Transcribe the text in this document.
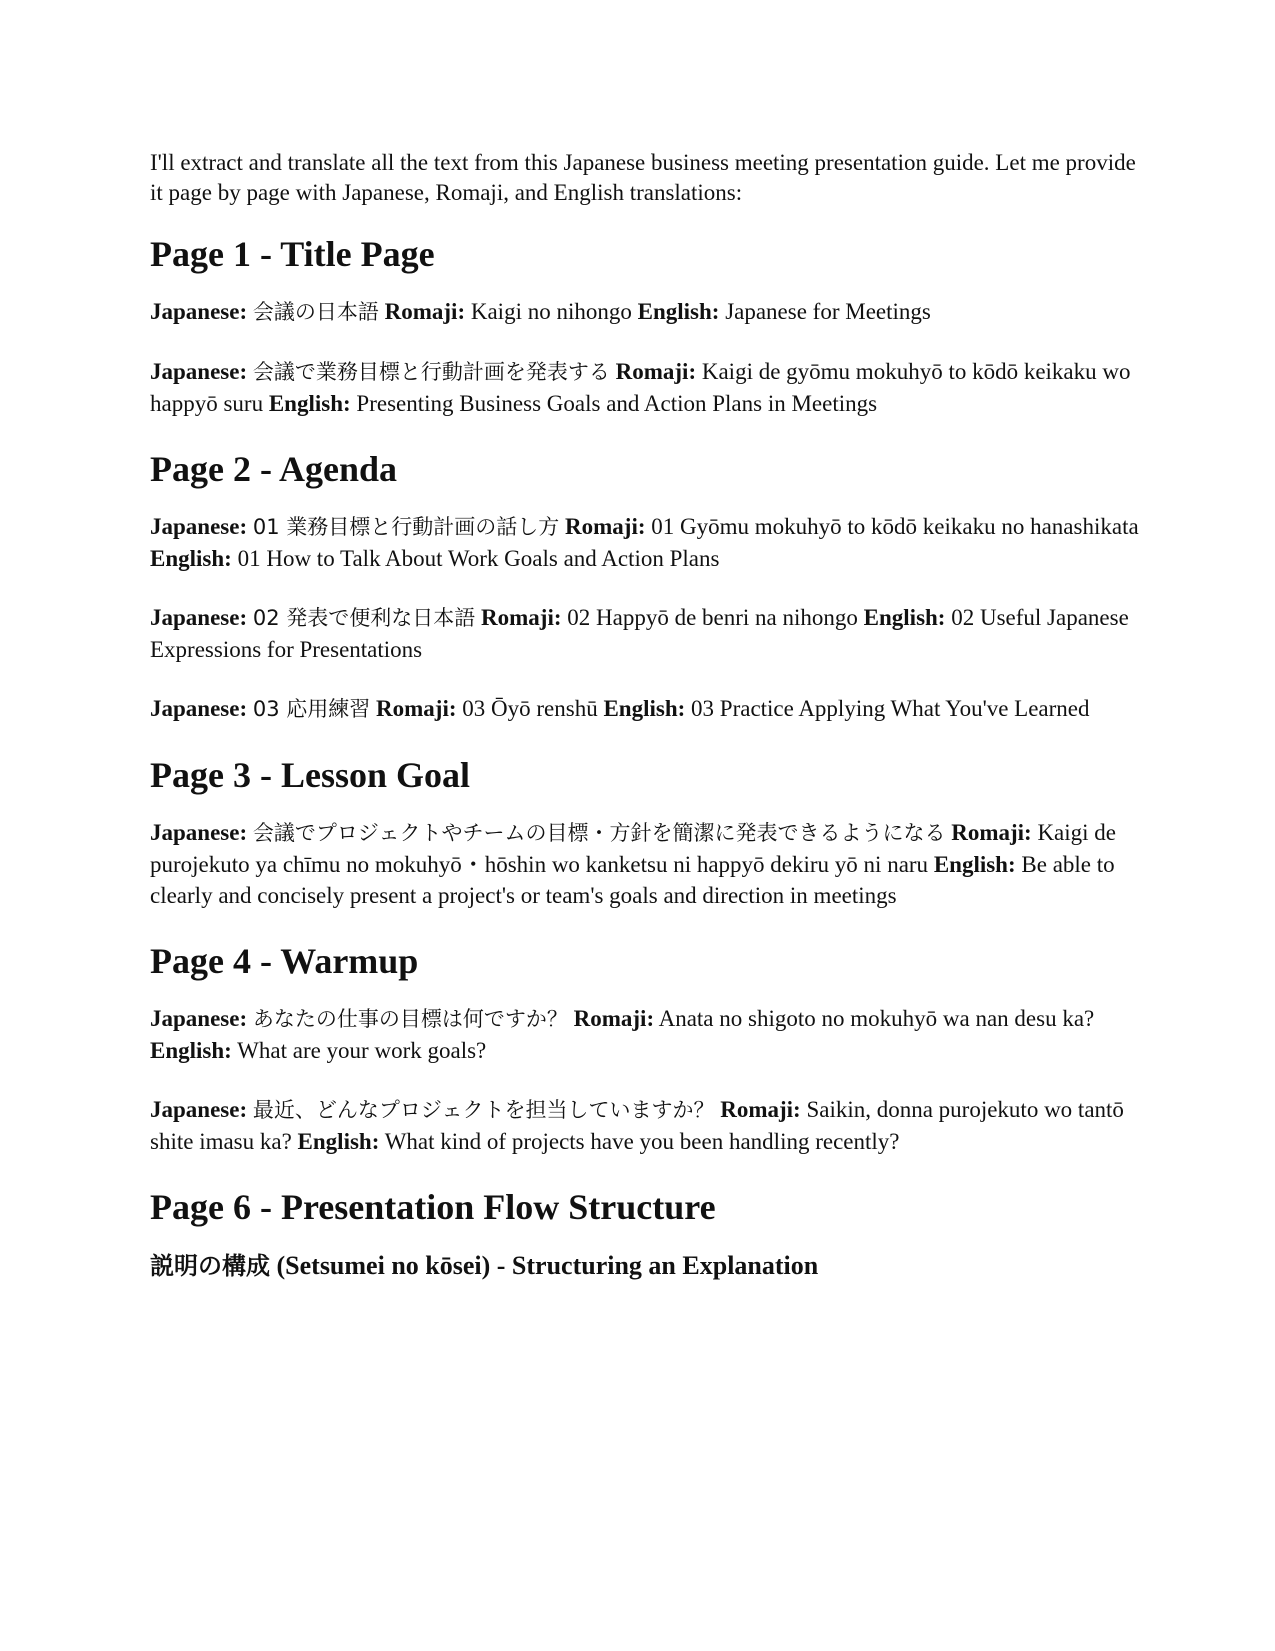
I'll extract and translate all the text from this Japanese business meeting presentation guide. Let me provide it page by page with Japanese, Romaji, and English translations:

Page 1 - Title Page

Japanese: 会議の日本語 Romaji: Kaigi no nihongo English: Japanese for Meetings

Japanese: 会議で業務目標と行動計画を発表する Romaji: Kaigi de gyōmu mokuhyō to kōdō keikaku wo happyō suru English: Presenting Business Goals and Action Plans in Meetings

Page 2 - Agenda

Japanese: 01 業務目標と行動計画の話し方 Romaji: 01 Gyōmu mokuhyō to kōdō keikaku no hanashikata English: 01 How to Talk About Work Goals and Action Plans

Japanese: 02 発表で便利な日本語 Romaji: 02 Happyō de benri na nihongo English: 02 Useful Japanese Expressions for Presentations

Japanese: 03 応用練習 Romaji: 03 Ōyō renshū English: 03 Practice Applying What You've Learned

Page 3 - Lesson Goal

Japanese: 会議でプロジェクトやチームの目標・方針を簡潔に発表できるようになる Romaji: Kaigi de purojekuto ya chīmu no mokuhyō・hōshin wo kanketsu ni happyō dekiru yō ni naru English: Be able to clearly and concisely present a project's or team's goals and direction in meetings

Page 4 - Warmup

Japanese: あなたの仕事の目標は何ですか？ Romaji: Anata no shigoto no mokuhyō wa nan desu ka? English: What are your work goals?

Japanese: 最近、どんなプロジェクトを担当していますか？ Romaji: Saikin, donna purojekuto wo tantō shite imasu ka? English: What kind of projects have you been handling recently?

Page 6 - Presentation Flow Structure

説明の構成 (Setsumei no kōsei) - Structuring an Explanation
